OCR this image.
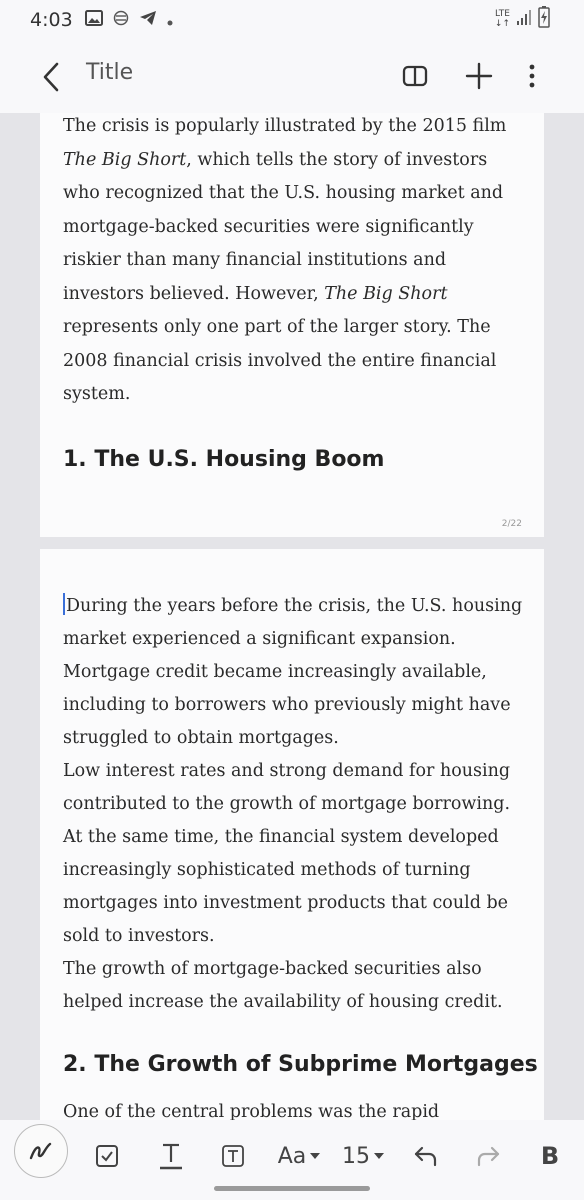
4:03	LTE
↓↑
Title
The crisis is popularly illustrated by the 2015 film
The Big Short, which tells the story of investors
who recognized that the U.S. housing market and
mortgage-backed securities were significantly
riskier than many financial institutions and
investors believed. However, The Big Short
represents only one part of the larger story. The
2008 financial crisis involved the entire financial
system.
1. The U.S. Housing Boom
2/22
During the years before the crisis, the U.S. housing
market experienced a significant expansion.
Mortgage credit became increasingly available,
including to borrowers who previously might have
struggled to obtain mortgages.
Low interest rates and strong demand for housing
contributed to the growth of mortgage borrowing.
At the same time, the financial system developed
increasingly sophisticated methods of turning
mortgages into investment products that could be
sold to investors.
The growth of mortgage-backed securities also
helped increase the availability of housing credit.
2. The Growth of Subprime Mortgages
One of the central problems was the rapid
Aa 15	B
